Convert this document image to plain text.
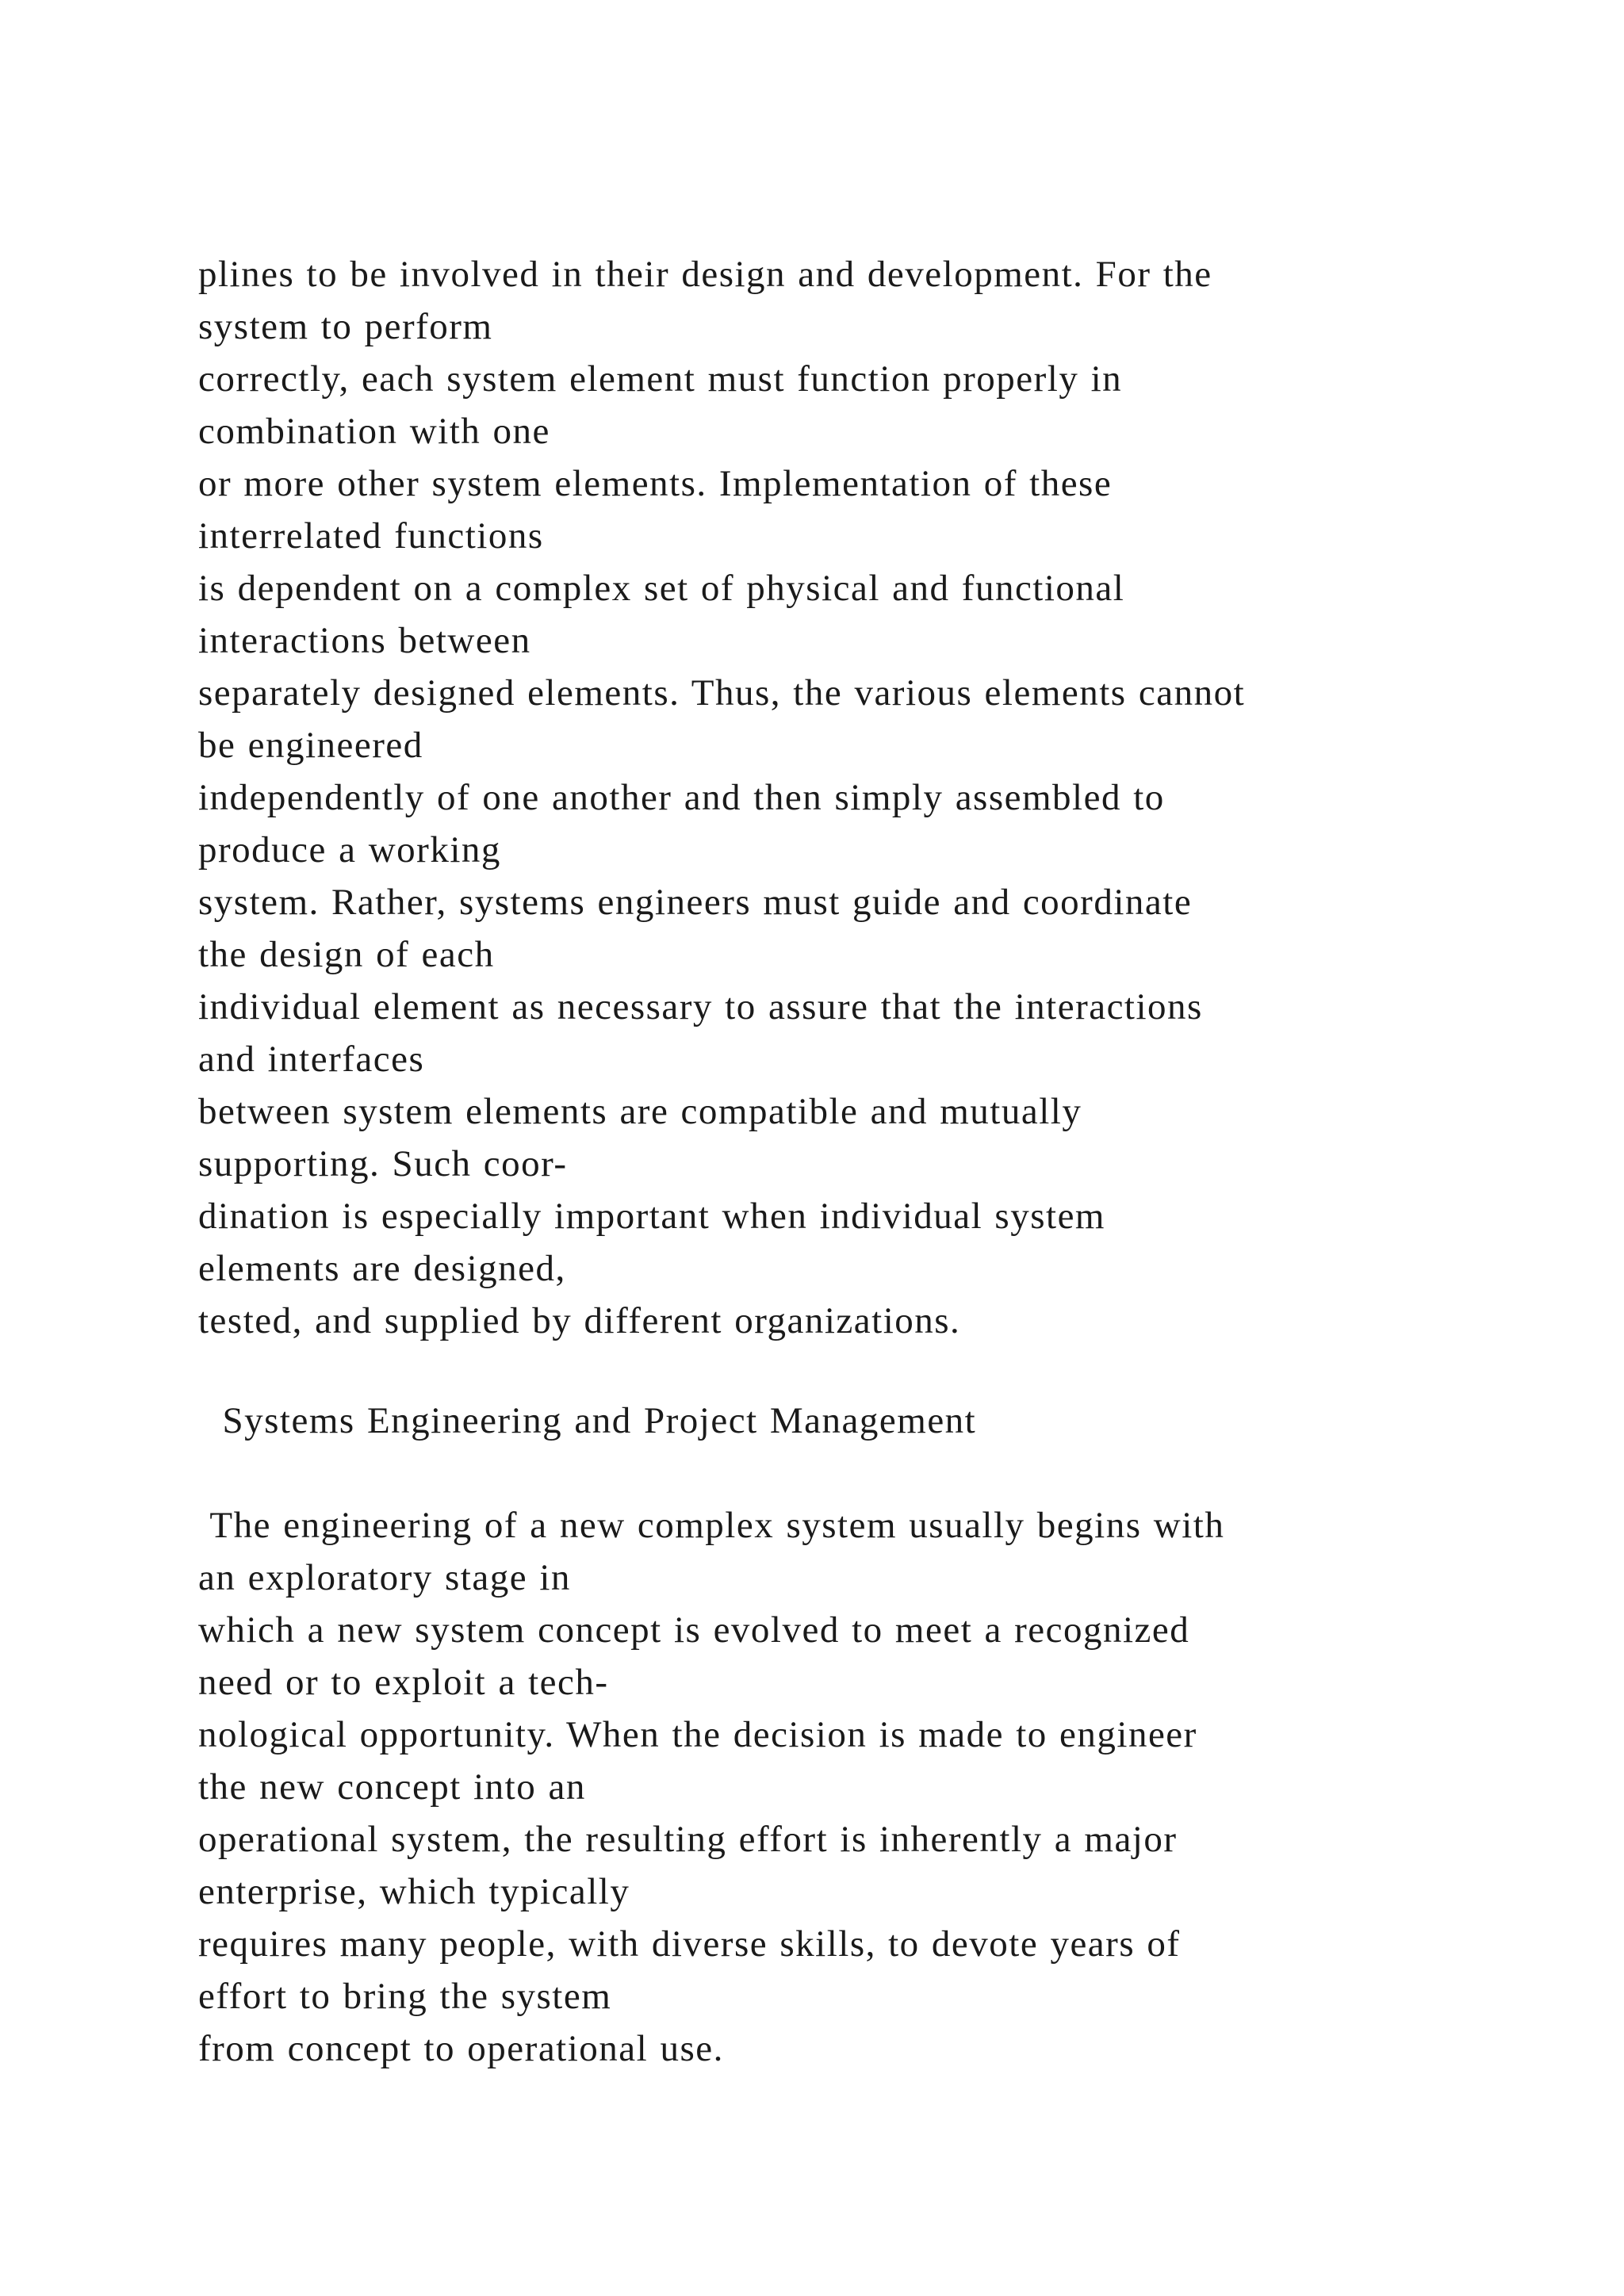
plines to be involved in their design and development. For the
system to perform
correctly, each system element must function properly in
combination with one
or more other system elements. Implementation of these
interrelated functions
is dependent on a complex set of physical and functional
interactions between
separately designed elements. Thus, the various elements cannot
be engineered
independently of one another and then simply assembled to
produce a working
system. Rather, systems engineers must guide and coordinate
the design of each
individual element as necessary to assure that the interactions
and interfaces
between system elements are compatible and mutually
supporting. Such coor-
dination is especially important when individual system
elements are designed,
tested, and supplied by different organizations.
Systems Engineering and Project Management
The engineering of a new complex system usually begins with
an exploratory stage in
which a new system concept is evolved to meet a recognized
need or to exploit a tech-
nological opportunity. When the decision is made to engineer
the new concept into an
operational system, the resulting effort is inherently a major
enterprise, which typically
requires many people, with diverse skills, to devote years of
effort to bring the system
from concept to operational use.
